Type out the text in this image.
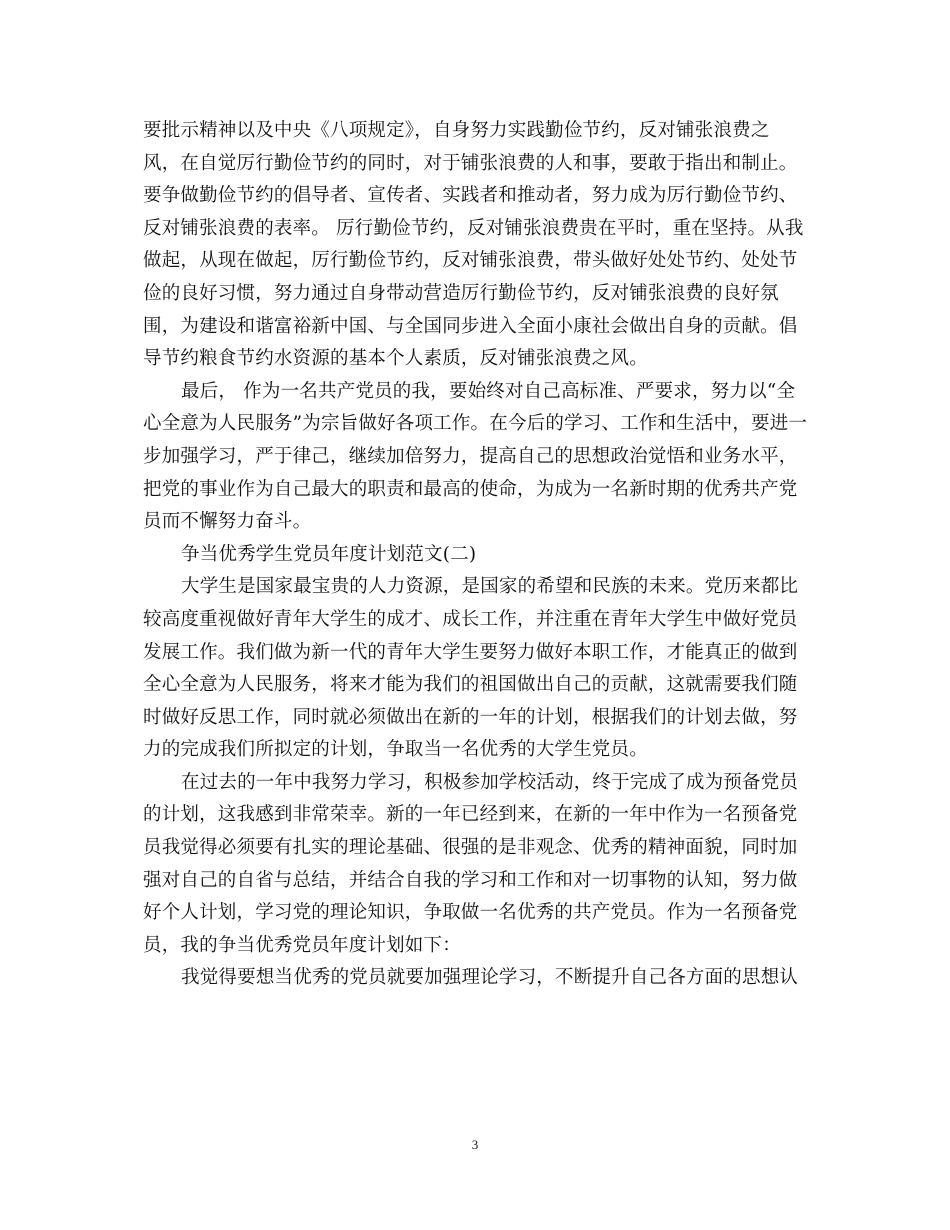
要批示精神以及中央《八项规定》，自身努力实践勤俭节约，反对铺张浪费之
风，在自觉厉行勤俭节约的同时，对于铺张浪费的人和事，要敢于指出和制止。
要争做勤俭节约的倡导者、宣传者、实践者和推动者，努力成为厉行勤俭节约、
反对铺张浪费的表率。 厉行勤俭节约，反对铺张浪费贵在平时，重在坚持。从我
做起，从现在做起，厉行勤俭节约，反对铺张浪费，带头做好处处节约、处处节
俭的良好习惯，努力通过自身带动营造厉行勤俭节约，反对铺张浪费的良好氛
围，为建设和谐富裕新中国、与全国同步进入全面小康社会做出自身的贡献。倡
导节约粮食节约水资源的基本个人素质，反对铺张浪费之风。
最后， 作为一名共产党员的我，要始终对自己高标准、严要求，努力以“全
心全意为人民服务”为宗旨做好各项工作。在今后的学习、工作和生活中，要进一
步加强学习，严于律己，继续加倍努力，提高自己的思想政治觉悟和业务水平，
把党的事业作为自己最大的职责和最高的使命，为成为一名新时期的优秀共产党
员而不懈努力奋斗。
争当优秀学生党员年度计划范文(二)
大学生是国家最宝贵的人力资源，是国家的希望和民族的未来。党历来都比
较高度重视做好青年大学生的成才、成长工作，并注重在青年大学生中做好党员
发展工作。我们做为新一代的青年大学生要努力做好本职工作，才能真正的做到
全心全意为人民服务，将来才能为我们的祖国做出自己的贡献，这就需要我们随
时做好反思工作，同时就必须做出在新的一年的计划，根据我们的计划去做，努
力的完成我们所拟定的计划，争取当一名优秀的大学生党员。
在过去的一年中我努力学习，积极参加学校活动，终于完成了成为预备党员
的计划，这我感到非常荣幸。新的一年已经到来，在新的一年中作为一名预备党
员我觉得必须要有扎实的理论基础、很强的是非观念、优秀的精神面貌，同时加
强对自己的自省与总结，并结合自我的学习和工作和对一切事物的认知，努力做
好个人计划，学习党的理论知识，争取做一名优秀的共产党员。作为一名预备党
员，我的争当优秀党员年度计划如下：
我觉得要想当优秀的党员就要加强理论学习，不断提升自己各方面的思想认
3
